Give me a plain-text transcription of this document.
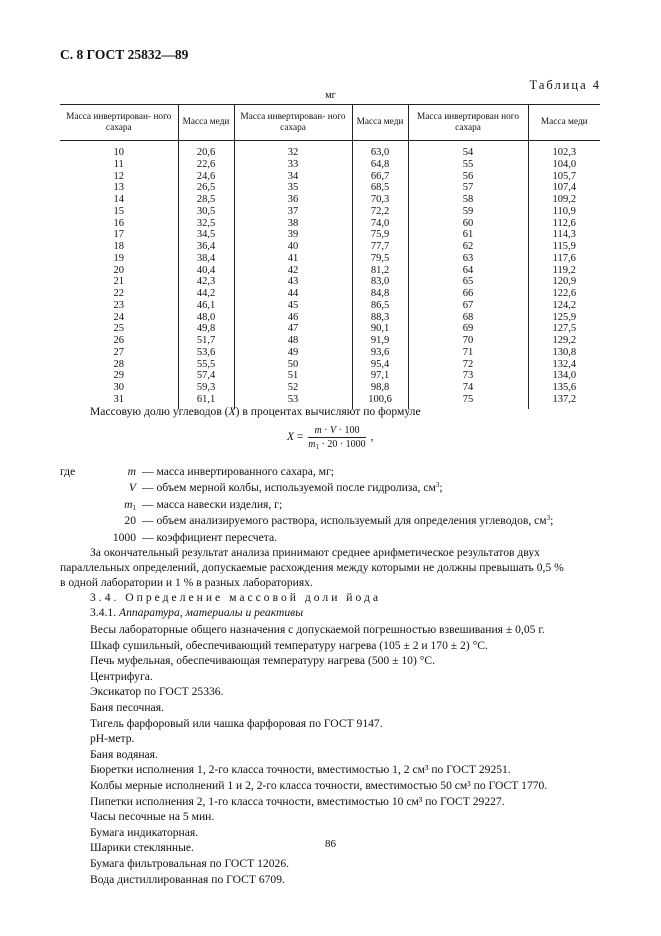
С. 8 ГОСТ 25832—89
Таблица 4
мг
Масса инвертирован- ного сахара	Масса меди	Масса инвертирован- ного сахара	Масса меди	Масса инвертирован ного сахара	Масса меди
10	20,6	32	63,0	54	102,3
11	22,6	33	64,8	55	104,0
12	24,6	34	66,7	56	105,7
13	26,5	35	68,5	57	107,4
14	28,5	36	70,3	58	109,2
15	30,5	37	72,2	59	110,9
16	32,5	38	74,0	60	112,6
17	34,5	39	75,9	61	114,3
18	36,4	40	77,7	62	115,9
19	38,4	41	79,5	63	117,6
20	40,4	42	81,2	64	119,2
21	42,3	43	83,0	65	120,9
22	44,2	44	84,8	66	122,6
23	46,1	45	86,5	67	124,2
24	48,0	46	88,3	68	125,9
25	49,8	47	90,1	69	127,5
26	51,7	48	91,9	70	129,2
27	53,6	49	93,6	71	130,8
28	55,5	50	95,4	72	132,4
29	57,4	51	97,1	73	134,0
30	59,3	52	98,8	74	135,6
31	61,1	53	100,6	75	137,2
Массовую долю углеводов (X) в процентах вычисляют по формуле
$X = \frac{m \cdot V \cdot 100}{m_1 \cdot 20 \cdot 1000}$ ,
где	m — масса инвертированного сахара, мг;
V — объем мерной колбы, используемой после гидролиза, $см^3$;
$m_1$ — масса навески изделия, г;
20 — объем анализируемого раствора, используемый для определения углеводов, $см^3$;
1000 — коэффициент пересчета.
За окончательный результат анализа принимают среднее арифметическое результатов двух
параллельных определений, допускаемые расхождения между которыми не должны превышать 0,5 %
в одной лаборатории и 1 % в разных лабораториях.
3.4. Определение массовой доли йода
3.4.1. Аппаратура, материалы и реактивы
Весы лабораторные общего назначения с допускаемой погрешностью взвешивания ± 0,05 г.
Шкаф сушильный, обеспечивающий температуру нагрева (105 ± 2 и 170 ± 2) °С.
Печь муфельная, обеспечивающая температуру нагрева (500 ± 10) °С.
Центрифуга.
Эксикатор по ГОСТ 25336.
Баня песочная.
Тигель фарфоровый или чашка фарфоровая по ГОСТ 9147.
рН-метр.
Баня водяная.
Бюретки исполнения 1, 2-го класса точности, вместимостью 1, 2 см³ по ГОСТ 29251.
Колбы мерные исполнений 1 и 2, 2-го класса точности, вместимостью 50 см³ по ГОСТ 1770.
Пипетки исполнения 2, 1-го класса точности, вместимостью 10 см³ по ГОСТ 29227.
Часы песочные на 5 мин.
Бумага индикаторная.
Шарики стеклянные.
Бумага фильтровальная по ГОСТ 12026.
Вода дистиллированная по ГОСТ 6709.
86
